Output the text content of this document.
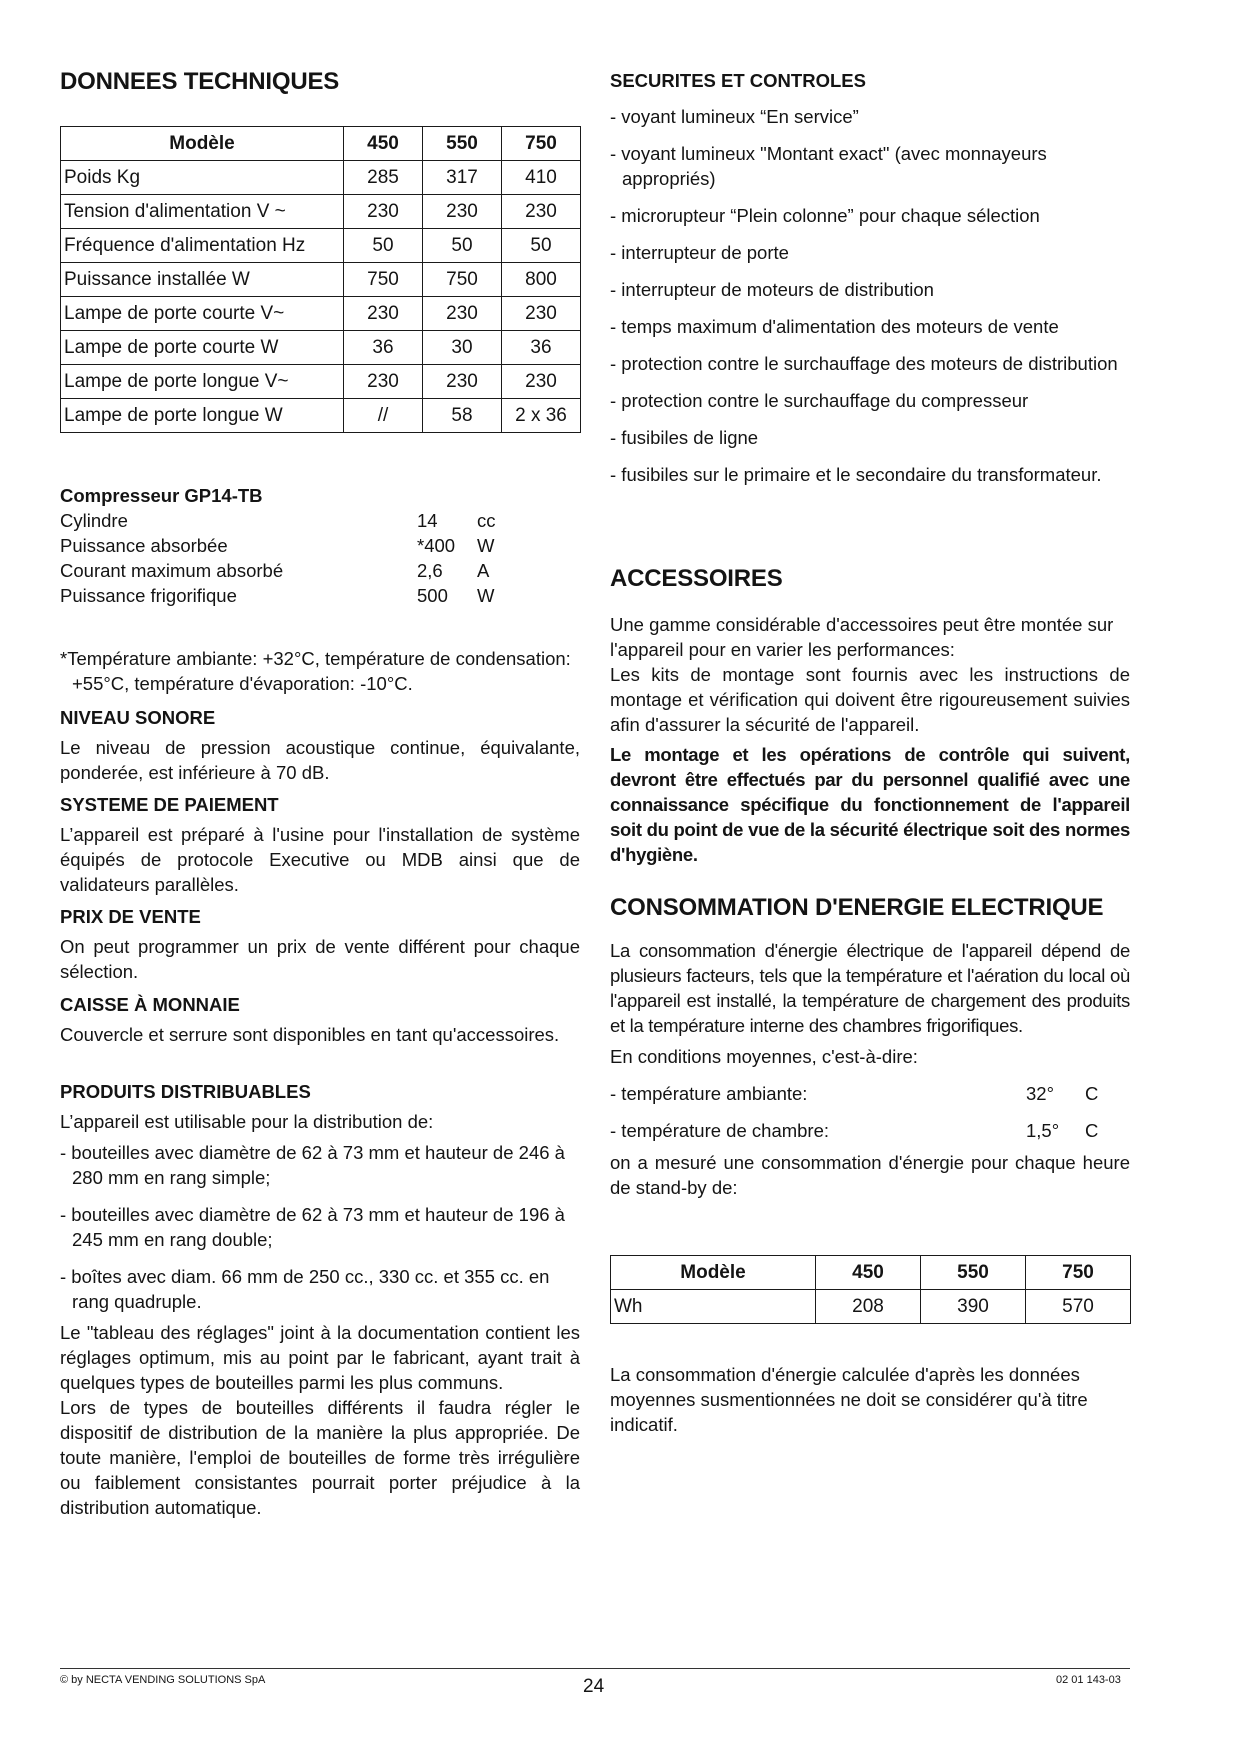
DONNEES TECHNIQUES
Modèle	450	550	750
Poids Kg	285	317	410
Tension d'alimentation V ~	230	230	230
Fréquence d'alimentation Hz	50	50	50
Puissance installée W	750	750	800
Lampe de porte courte V~	230	230	230
Lampe de porte courte W	36	30	36
Lampe de porte longue V~	230	230	230
Lampe de porte longue W	//	58	2 x 36
Compresseur GP14-TB
Cylindre	14 cc
Puissance absorbée	*400 W
Courant maximum absorbé	2,6 A
Puissance frigorifique	500 W

*Température ambiante: +32°C, température de condensation: +55°C, température d'évaporation: -10°C.

NIVEAU SONORE

Le niveau de pression acoustique continue, équivalante, ponderée, est inférieure à 70 dB.

SYSTEME DE PAIEMENT

L’appareil est préparé à l'usine pour l'installation de système équipés de protocole Executive ou MDB ainsi que de validateurs parallèles.

PRIX DE VENTE

On peut programmer un prix de vente différent pour chaque sélection.

CAISSE À MONNAIE

Couvercle et serrure sont disponibles en tant qu'accessoires.

PRODUITS DISTRIBUABLES

L’appareil est utilisable pour la distribution de:

- bouteilles avec diamètre de 62 à 73 mm et hauteur de 246 à 280 mm en rang simple;

- bouteilles avec diamètre de 62 à 73 mm et hauteur de 196 à 245 mm en rang double;

- boîtes avec diam. 66 mm de 250 cc., 330 cc. et 355 cc. en rang quadruple.

Le "tableau des réglages" joint à la documentation contient les réglages optimum, mis au point par le fabricant, ayant trait à quelques types de bouteilles parmi les plus communs.

Lors de types de bouteilles différents il faudra régler le dispositif de distribution de la manière la plus appropriée. De toute manière, l'emploi de bouteilles de forme très irrégulière ou faiblement consistantes pourrait porter préjudice à la distribution automatique.

SECURITES ET CONTROLES

- voyant lumineux “En service”

- voyant lumineux "Montant exact" (avec monnayeurs appropriés)

- microrupteur “Plein colonne” pour chaque sélection

- interrupteur de porte

- interrupteur de moteurs de distribution

- temps maximum d'alimentation des moteurs de vente

- protection contre le surchauffage des moteurs de distribution

- protection contre le surchauffage du compresseur

- fusibiles de ligne

- fusibiles sur le primaire et le secondaire du transformateur.

ACCESSOIRES

Une gamme considérable d'accessoires peut être montée sur l'appareil pour en varier les performances:

Les kits de montage sont fournis avec les instructions de montage et vérification qui doivent être rigoureusement suivies afin d'assurer la sécurité de l'appareil.

Le montage et les opérations de contrôle qui suivent, devront être effectués par du personnel qualifié avec une connaissance spécifique du fonctionnement de l'appareil soit du point de vue de la sécurité électrique soit des normes d'hygiène.

CONSOMMATION D'ENERGIE ELECTRIQUE

La consommation d'énergie électrique de l'appareil dépend de plusieurs facteurs, tels que la température et l'aération du local où l'appareil est installé, la température de chargement des produits et la température interne des chambres frigorifiques.

En conditions moyennes, c'est-à-dire:

- température ambiante:	32° C
- température de chambre:	1,5° C

on a mesuré une consommation d'énergie pour chaque heure de stand-by de:

Modèle	450	550	750
Wh	208	390	570

La consommation d'énergie calculée d'après les données moyennes susmentionnées ne doit se considérer qu'à titre indicatif.

© by NECTA VENDING SOLUTIONS SpA	24	02 01 143-03
